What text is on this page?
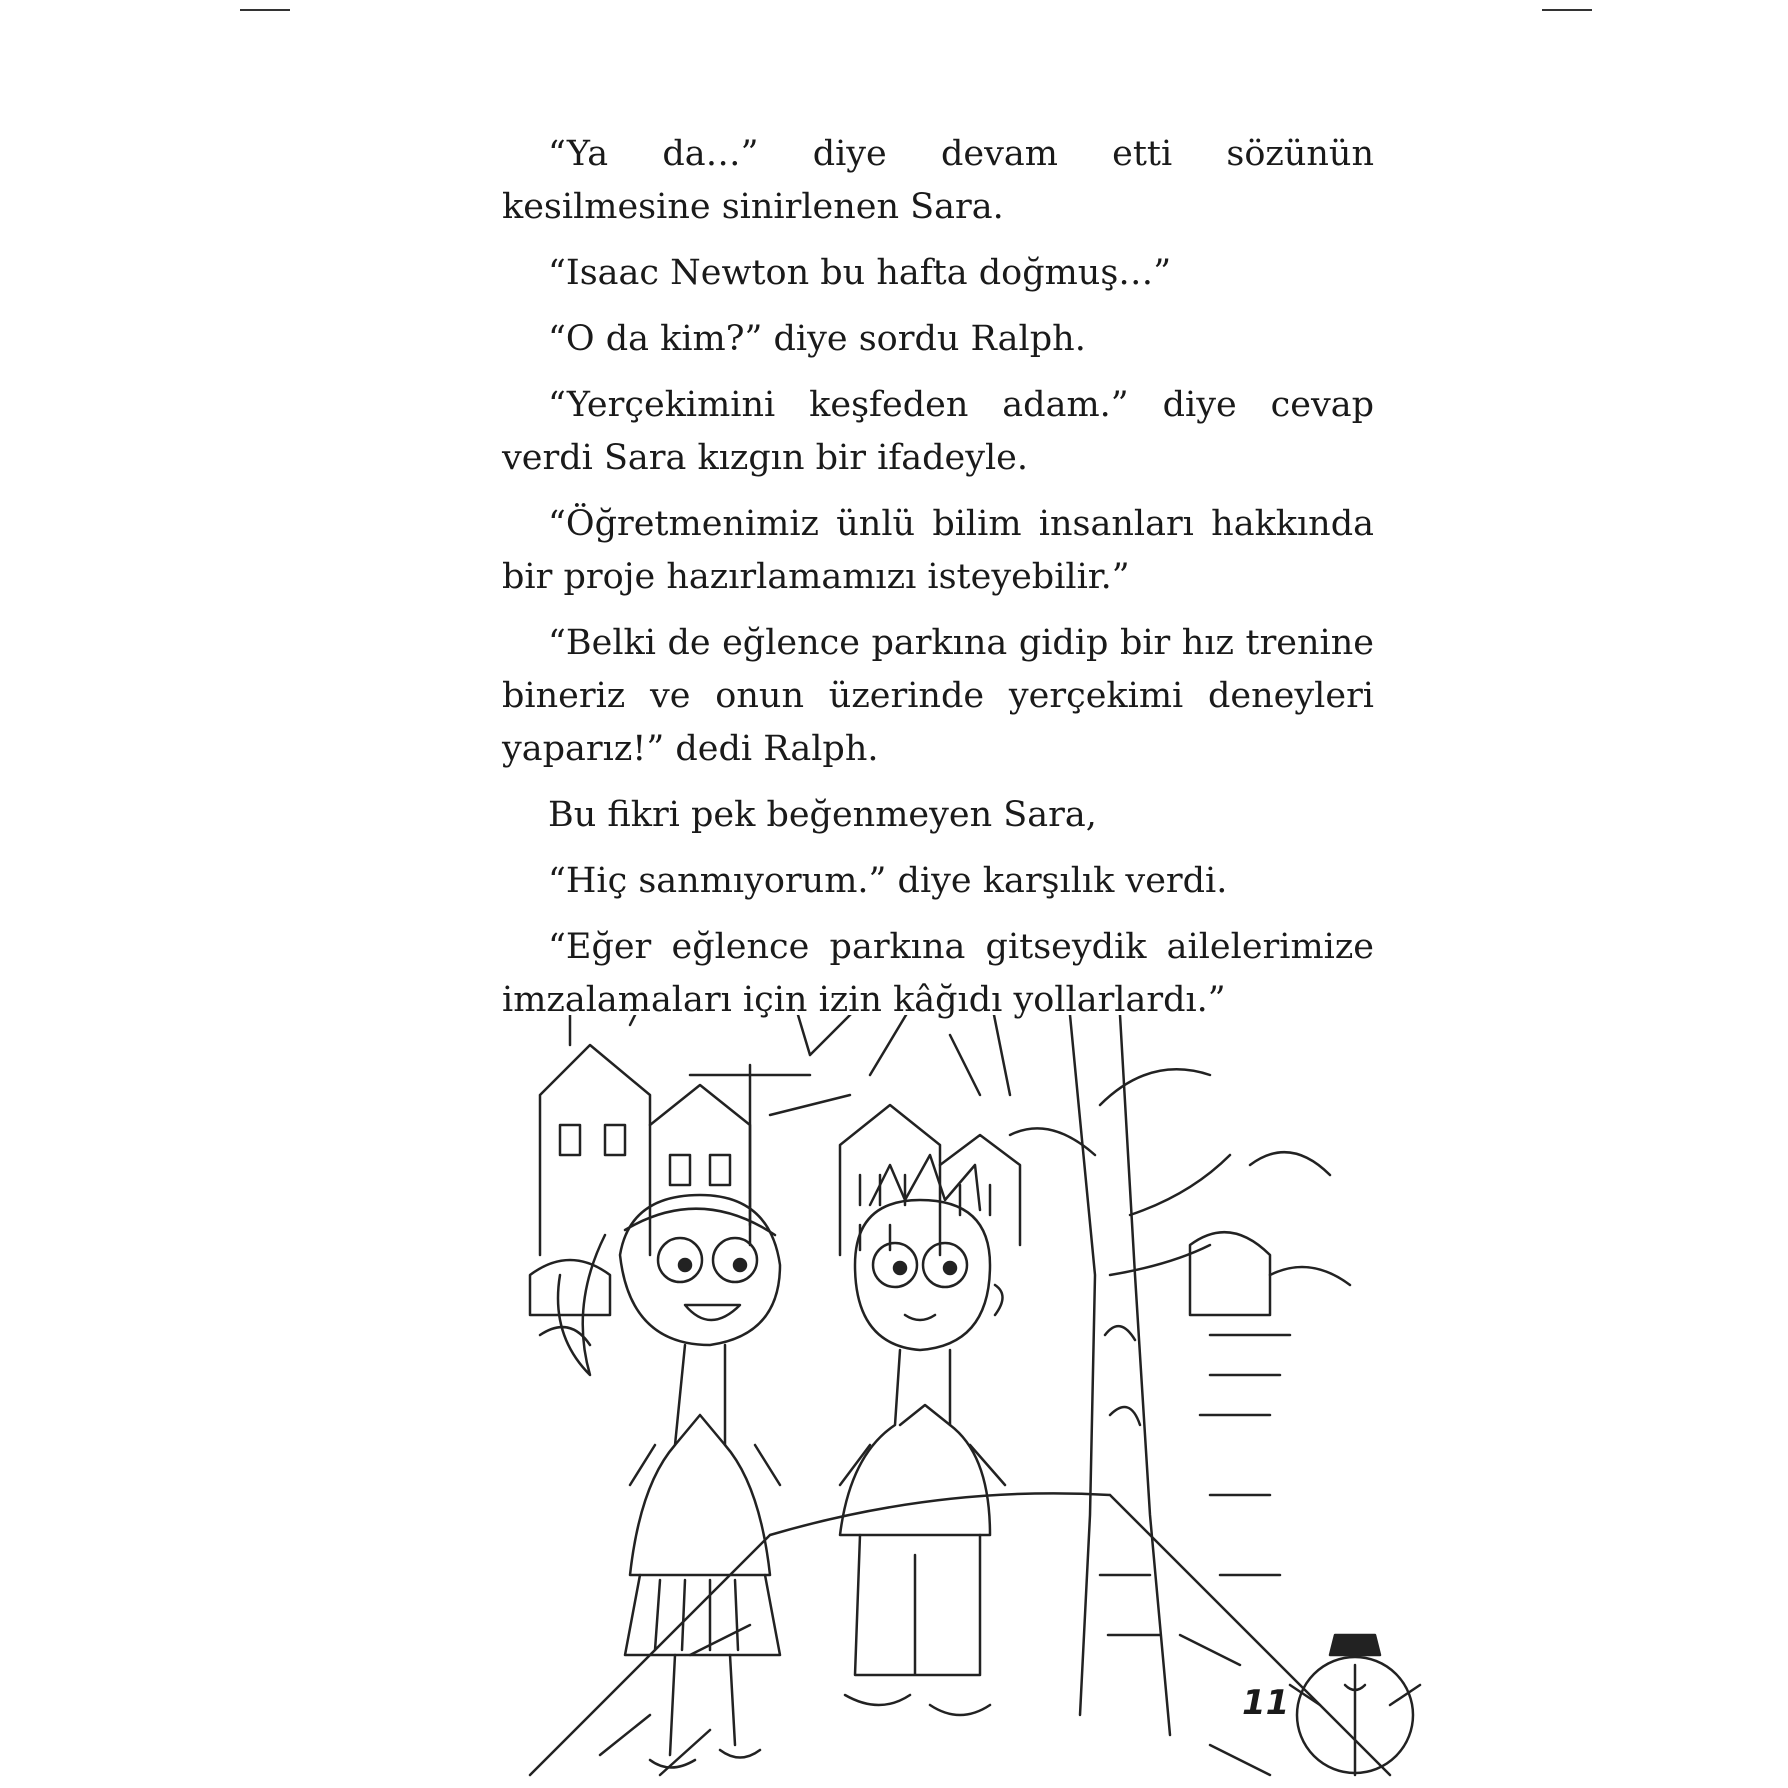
“Ya da…” diye devam etti sözünün kesilmesine sinirlenen Sara.

“Isaac Newton bu hafta doğmuş…”

“O da kim?” diye sordu Ralph.

“Yerçekimini keşfeden adam.” diye cevap verdi Sara kızgın bir ifadeyle.

“Öğretmenimiz ünlü bilim insanları hakkında bir proje hazırlamamızı isteyebilir.”

“Belki de eğlence parkına gidip bir hız trenine bineriz ve onun üzerinde yerçekimi deneyleri yaparız!” dedi Ralph.

Bu fikri pek beğenmeyen Sara,

“Hiç sanmıyorum.” diye karşılık verdi.

“Eğer eğlence parkına gitseydik ailelerimize imzalamaları için izin kâğıdı yollarlardı.”

11
